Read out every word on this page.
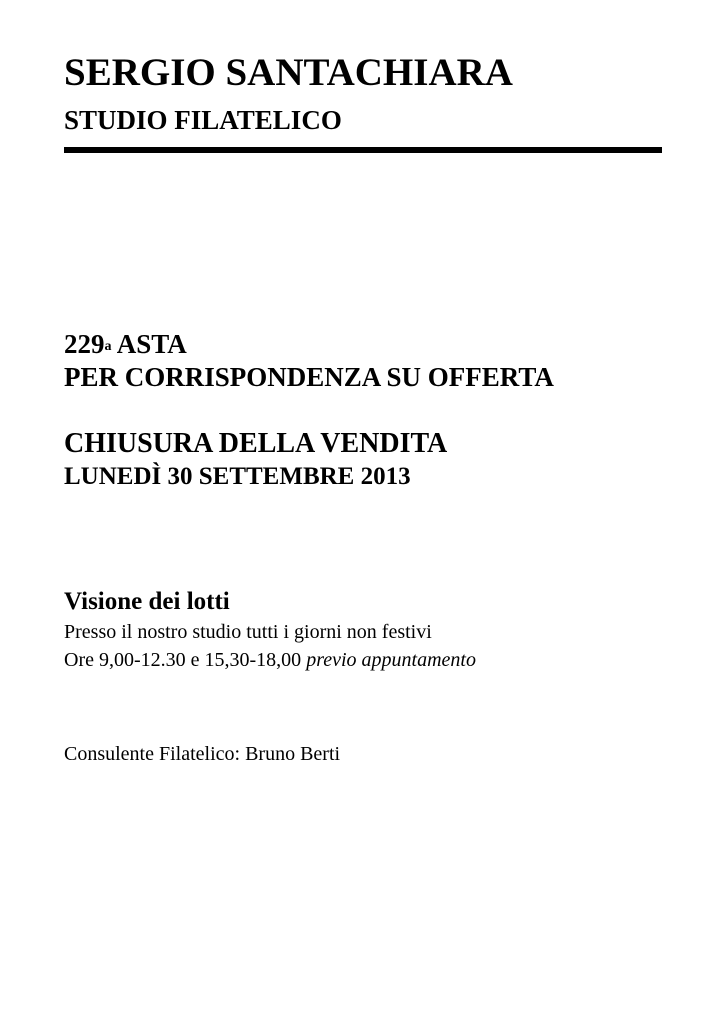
SERGIO SANTACHIARA
STUDIO FILATELICO
229$^a$ ASTA
PER CORRISPONDENZA SU OFFERTA
CHIUSURA DELLA VENDITA
LUNEDÌ 30 SETTEMBRE 2013
Visione dei lotti
Presso il nostro studio tutti i giorni non festivi
Ore 9,00-12.30 e 15,30-18,00 previo appuntamento
Consulente Filatelico: Bruno Berti
